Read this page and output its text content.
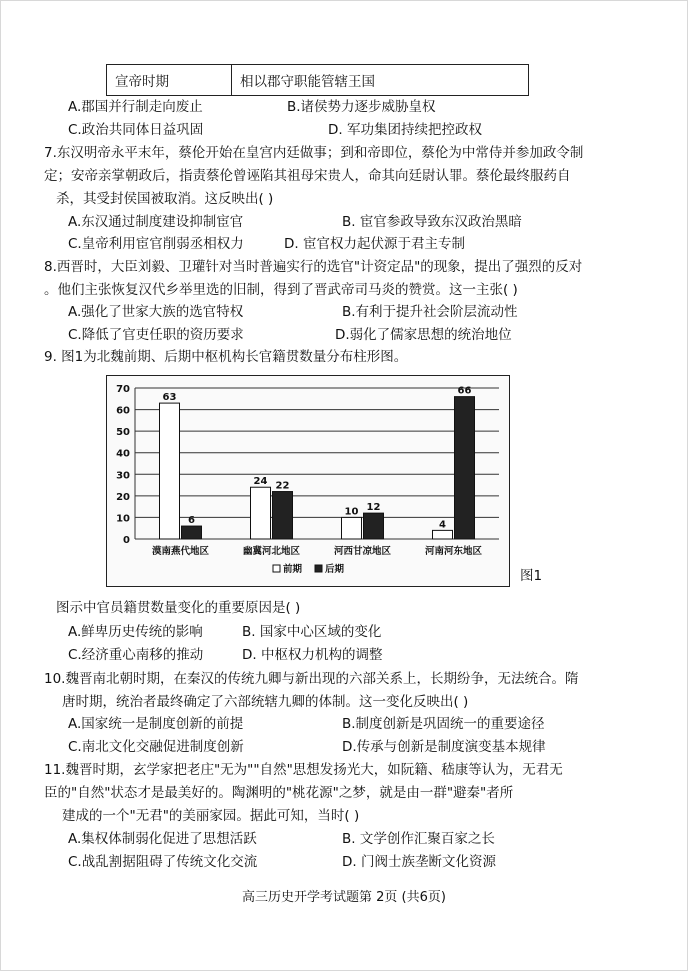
宣帝时期	相以郡守职能管辖王国
A.郡国并行制走向废止	B.诸侯势力逐步威胁皇权
C.政治共同体日益巩固	D. 军功集团持续把控政权
7.东汉明帝永平末年，蔡伦开始在皇宫内廷做事；到和帝即位，蔡伦为中常侍并参加政令制
定；安帝亲掌朝政后，指责蔡伦曾诬陷其祖母宋贵人，命其向廷尉认罪。蔡伦最终服药自
杀，其受封侯国被取消。这反映出( )
A.东汉通过制度建设抑制宦官	B. 宦官参政导致东汉政治黑暗
C.皇帝利用宦官削弱丞相权力	D. 宦官权力起伏源于君主专制
8.西晋时，大臣刘毅、卫瓘针对当时普遍实行的选官"计资定品"的现象，提出了强烈的反对
。他们主张恢复汉代乡举里选的旧制，得到了晋武帝司马炎的赞赏。这一主张( )
A.强化了世家大族的选官特权	B.有利于提升社会阶层流动性
C.降低了官吏任职的资历要求	D.弱化了儒家思想的统治地位
9. 图1为北魏前期、后期中枢机构长官籍贯数量分布柱形图。
0
10
20
30
40
50
60
70
63
6
漠南燕代地区
24 22
幽冀河北地区
10 12
河西甘凉地区
4
66
河南河东地区
前期 后期	图1
图示中官员籍贯数量变化的重要原因是( )
A.鲜卑历史传统的影响	B. 国家中心区域的变化
C.经济重心南移的推动	D. 中枢权力机构的调整
10.魏晋南北朝时期，在秦汉的传统九卿与新出现的六部关系上，长期纷争，无法统合。隋
唐时期，统治者最终确定了六部统辖九卿的体制。这一变化反映出( )
A.国家统一是制度创新的前提	B.制度创新是巩固统一的重要途径
C.南北文化交融促进制度创新	D.传承与创新是制度演变基本规律
11.魏晋时期，玄学家把老庄"无为""自然"思想发扬光大，如阮籍、嵇康等认为，无君无
臣的"自然"状态才是最美好的。陶渊明的"桃花源"之梦，就是由一群"避秦"者所
建成的一个"无君"的美丽家园。据此可知，当时( )
A.集权体制弱化促进了思想活跃	B. 文学创作汇聚百家之长
C.战乱割据阻碍了传统文化交流	D. 门阀士族垄断文化资源
高三历史开学考试题第 2页 (共6页)
